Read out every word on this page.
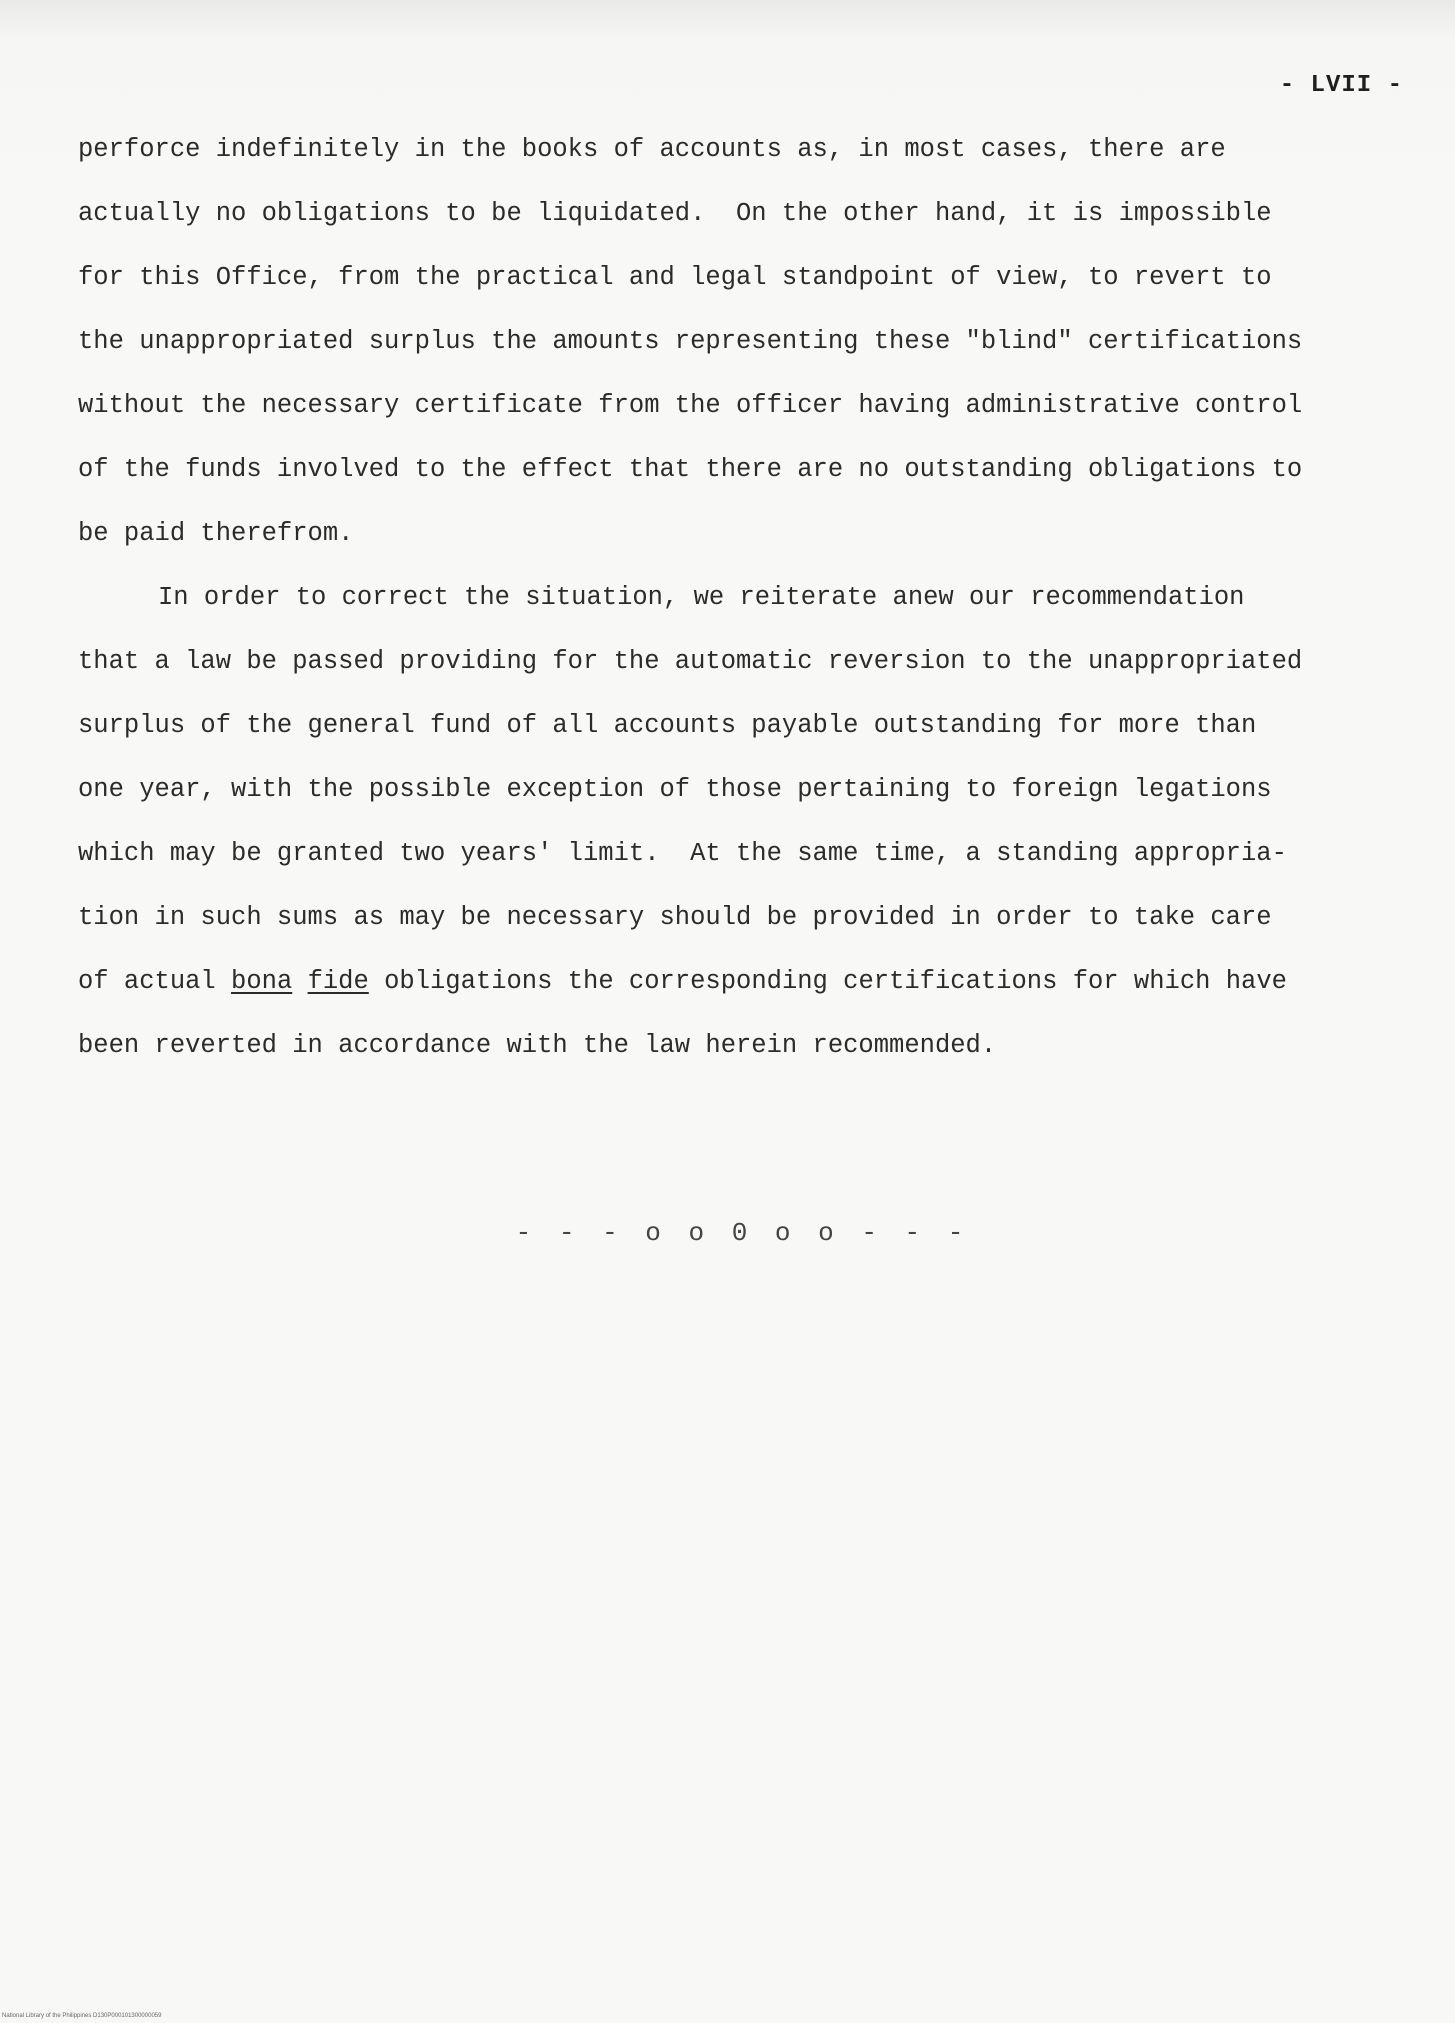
- LVII -

perforce indefinitely in the books of accounts as, in most cases, there are
actually no obligations to be liquidated.  On the other hand, it is impossible
for this Office, from the practical and legal standpoint of view, to revert to
the unappropriated surplus the amounts representing these "blind" certifications
without the necessary certificate from the officer having administrative control
of the funds involved to the effect that there are no outstanding obligations to
be paid therefrom.

In order to correct the situation, we reiterate anew our recommendation
that a law be passed providing for the automatic reversion to the unappropriated
surplus of the general fund of all accounts payable outstanding for more than
one year, with the possible exception of those pertaining to foreign legations
which may be granted two years' limit.  At the same time, a standing appropria-
tion in such sums as may be necessary should be provided in order to take care
of actual bona fide obligations the corresponding certifications for which have
been reverted in accordance with the law herein recommended.

- - - o o 0 o o - - -
National Library of the Philippines D130P000101300000059
